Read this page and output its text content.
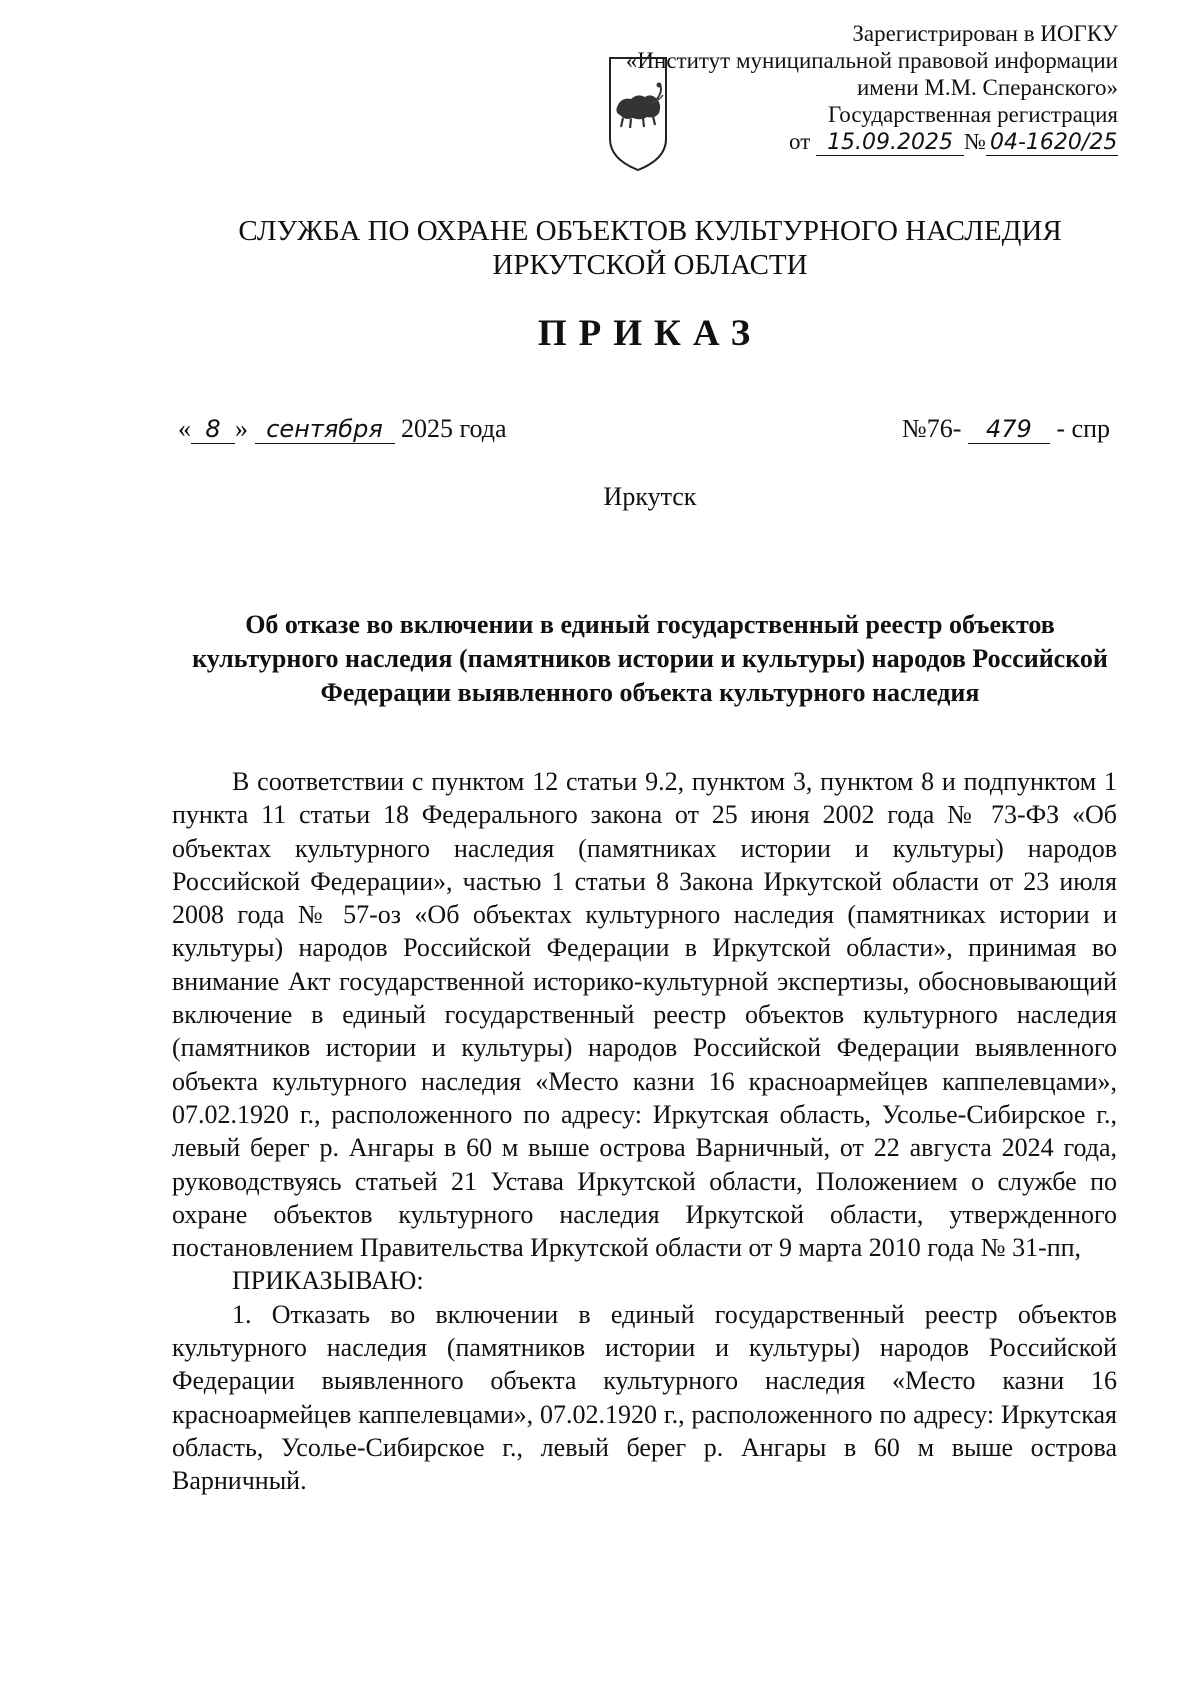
Зарегистрирован в ИОГКУ
«Институт муниципальной правовой информации
имени М.М. Сперанского»
Государственная регистрация
от 15.09.2025 № 04-1620/25
СЛУЖБА ПО ОХРАНЕ ОБЪЕКТОВ КУЛЬТУРНОГО НАСЛЕДИЯ
ИРКУТСКОЙ ОБЛАСТИ
ПРИКАЗ
« 8 » сентября 2025 года	№76- 479 - спр
Иркутск
Об отказе во включении в единый государственный реестр объектов культурного наследия (памятников истории и культуры) народов Российской Федерации выявленного объекта культурного наследия

В соответствии с пунктом 12 статьи 9.2, пунктом 3, пунктом 8 и подпунктом 1 пункта 11 статьи 18 Федерального закона от 25 июня 2002 года № 73-ФЗ «Об объектах культурного наследия (памятниках истории и культуры) народов Российской Федерации», частью 1 статьи 8 Закона Иркутской области от 23 июля 2008 года № 57-оз «Об объектах культурного наследия (памятниках истории и культуры) народов Российской Федерации в Иркутской области», принимая во внимание Акт государственной историко-культурной экспертизы, обосновывающий включение в единый государственный реестр объектов культурного наследия (памятников истории и культуры) народов Российской Федерации выявленного объекта культурного наследия «Место казни 16 красноармейцев каппелевцами», 07.02.1920 г., расположенного по адресу: Иркутская область, Усолье-Сибирское г., левый берег р. Ангары в 60 м выше острова Варничный, от 22 августа 2024 года, руководствуясь статьей 21 Устава Иркутской области, Положением о службе по охране объектов культурного наследия Иркутской области, утвержденного постановлением Правительства Иркутской области от 9 марта 2010 года № 31-пп,

ПРИКАЗЫВАЮ:

1. Отказать во включении в единый государственный реестр объектов культурного наследия (памятников истории и культуры) народов Российской Федерации выявленного объекта культурного наследия «Место казни 16 красноармейцев каппелевцами», 07.02.1920 г., расположенного по адресу: Иркутская область, Усолье-Сибирское г., левый берег р. Ангары в 60 м выше острова Варничный.
